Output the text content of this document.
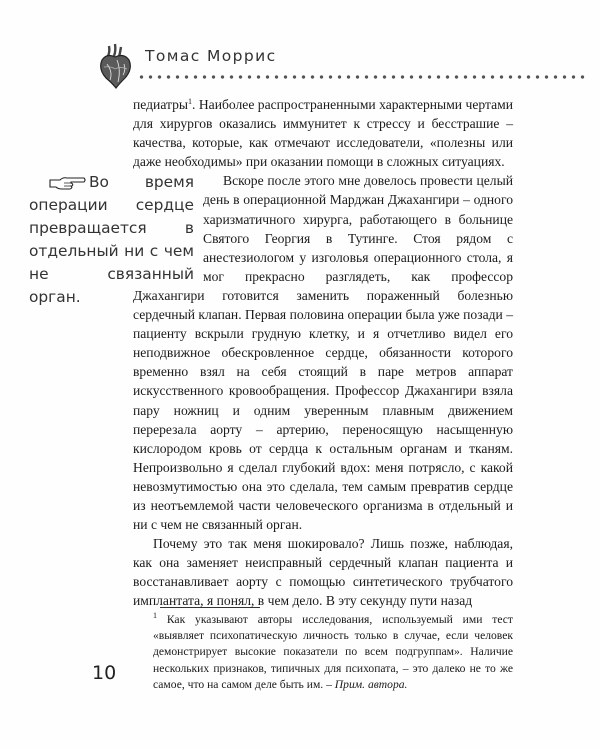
Томас Моррис

педиатры$^1$. Наиболее распространенными характерными чертами для хирургов оказались иммунитет к стрессу и бесстрашие – качества, которые, как отмечают исследователи, «полезны или даже необходимы» при оказании помощи в сложных ситуациях.

Во время операции сердце превращается в отдельный ни с чем не связанный орган.
Вскоре после этого мне довелось провести целый день в операционной Марджан Джахангири – одного харизматичного хирурга, работающего в больнице Святого Георгия в Тутинге. Стоя рядом с анестезиологом у изголовья операционного стола, я мог прекрасно разглядеть, как профессор Джахангири готовится заменить пораженный болезнью сердечный клапан. Первая половина операции была уже позади – пациенту вскрыли грудную клетку, и я отчетливо видел его неподвижное обескровленное сердце, обязанности которого временно взял на себя стоящий в паре метров аппарат искусственного кровообращения. Профессор Джахангири взяла пару ножниц и одним уверенным плавным движением перерезала аорту – артерию, переносящую насыщенную кислородом кровь от сердца к остальным органам и тканям. Непроизвольно я сделал глубокий вдох: меня потрясло, с какой невозмутимостью она это сделала, тем самым превратив сердце из неотъемлемой части человеческого организма в отдельный и ни с чем не связанный орган.

Почему это так меня шокировало? Лишь позже, наблюдая, как она заменяет неисправный сердечный клапан пациента и восстанавливает аорту с помощью синтетического трубчатого имплантата, я понял, в чем дело. В эту секунду пути назад

$^1$ Как указывают авторы исследования, используемый ими тест «выявляет психопатическую личность только в случае, если человек демонстрирует высокие показатели по всем подгруппам». Наличие нескольких признаков, типичных для психопата, – это далеко не то же самое, что на самом деле быть им. – Прим. автора.
10
